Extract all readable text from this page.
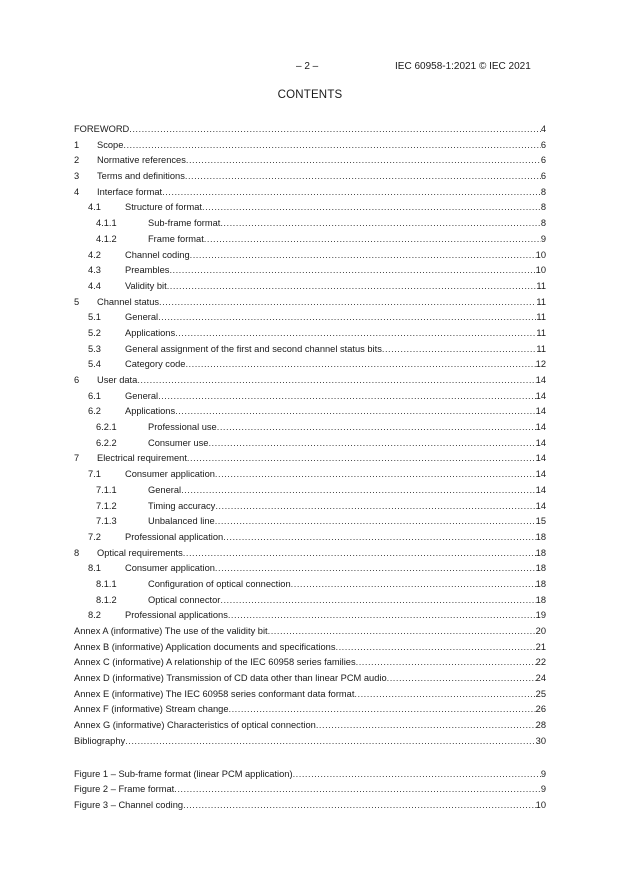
– 2 –	IEC 60958-1:2021 © IEC 2021
CONTENTS
FOREWORD .....	4
1 Scope .....	6
2 Normative references .....	6
3 Terms and definitions .....	6
4 Interface format .....	8
4.1	Structure of format .....	8
4.1.1	Sub-frame format .....	8
4.1.2	Frame format .....	9
4.2	Channel coding .....	10
4.3	Preambles .....	10
4.4	Validity bit .....	11
5 Channel status .....	11
5.1	General .....	11
5.2	Applications .....	11
5.3	General assignment of the first and second channel status bits .....	11
5.4	Category code .....	12
6 User data .....	14
6.1	General .....	14
6.2	Applications .....	14
6.2.1	Professional use .....	14
6.2.2	Consumer use .....	14
7 Electrical requirement .....	14
7.1	Consumer application .....	14
7.1.1	General .....	14
7.1.2	Timing accuracy .....	14
7.1.3	Unbalanced line .....	15
7.2	Professional application .....	18
8 Optical requirements .....	18
8.1	Consumer application .....	18
8.1.1	Configuration of optical connection .....	18
8.1.2	Optical connector .....	18
8.2	Professional applications .....	19
Annex A (informative) The use of the validity bit .....	20
Annex B (informative) Application documents and specifications .....	21
Annex C (informative) A relationship of the IEC 60958 series families .....	22
Annex D (informative) Transmission of CD data other than linear PCM audio .....	24
Annex E (informative) The IEC 60958 series conformant data format .....	25
Annex F (informative) Stream change .....	26
Annex G (informative) Characteristics of optical connection .....	28
Bibliography .....	30
Figure 1 – Sub-frame format (linear PCM application) .....	9
Figure 2 – Frame format .....	9
Figure 3 – Channel coding .....	10
